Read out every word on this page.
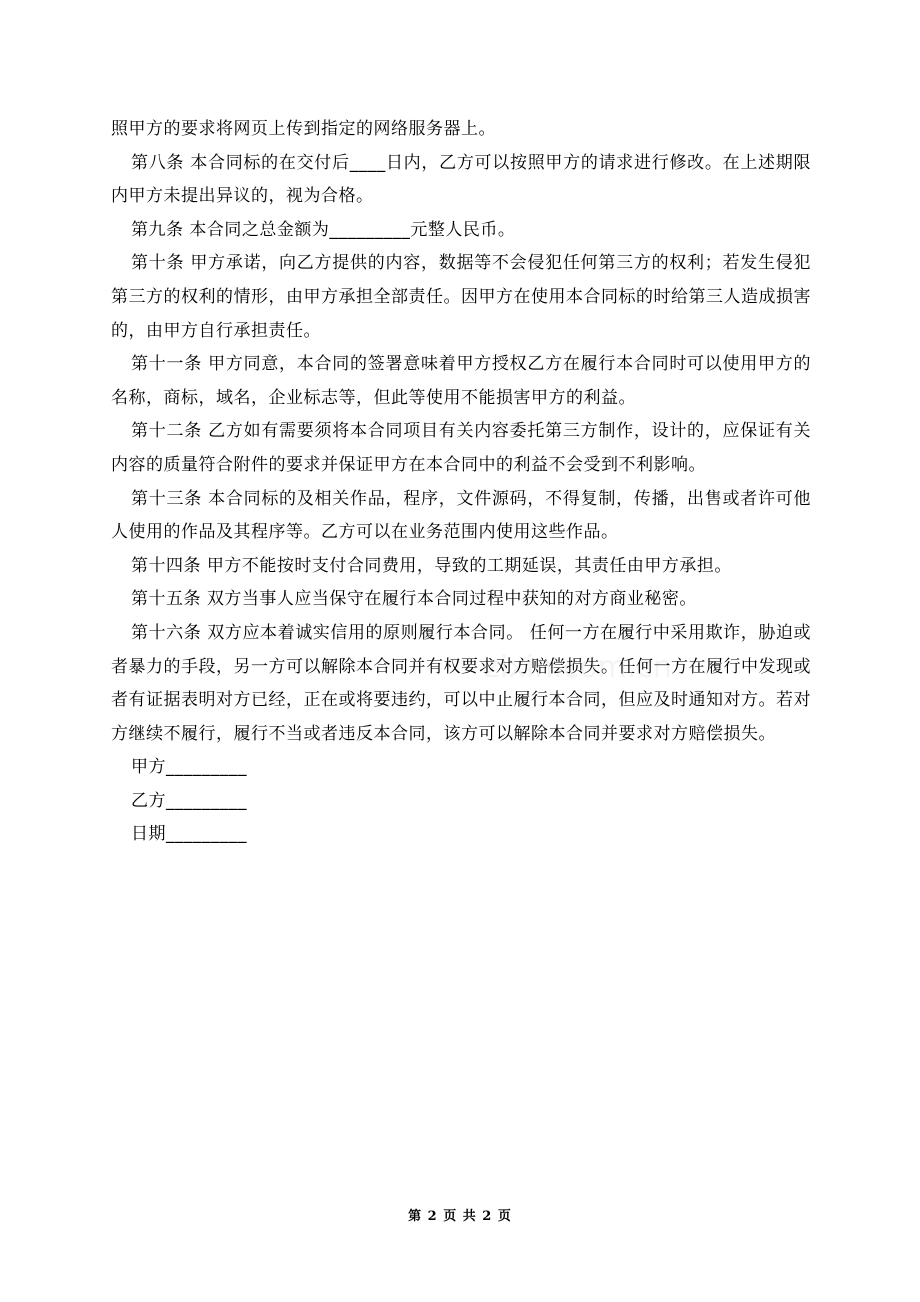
照甲方的要求将网页上传到指定的网络服务器上。

第八条 本合同标的在交付后____日内，乙方可以按照甲方的请求进行修改。在上述期限内甲方未提出异议的，视为合格。

第九条 本合同之总金额为_________元整人民币。

第十条 甲方承诺，向乙方提供的内容，数据等不会侵犯任何第三方的权利；若发生侵犯第三方的权利的情形，由甲方承担全部责任。因甲方在使用本合同标的时给第三人造成损害的，由甲方自行承担责任。

第十一条 甲方同意，本合同的签署意味着甲方授权乙方在履行本合同时可以使用甲方的名称，商标，域名，企业标志等，但此等使用不能损害甲方的利益。

第十二条 乙方如有需要须将本合同项目有关内容委托第三方制作，设计的，应保证有关内容的质量符合附件的要求并保证甲方在本合同中的利益不会受到不利影响。

第十三条 本合同标的及相关作品，程序，文件源码，不得复制，传播，出售或者许可他人使用的作品及其程序等。乙方可以在业务范围内使用这些作品。

第十四条 甲方不能按时支付合同费用，导致的工期延误，其责任由甲方承担。

第十五条 双方当事人应当保守在履行本合同过程中获知的对方商业秘密。

第十六条 双方应本着诚实信用的原则履行本合同。 任何一方在履行中采用欺诈，胁迫或者暴力的手段，另一方可以解除本合同并有权要求对方赔偿损失。任何一方在履行中发现或者有证据表明对方已经，正在或将要违约，可以中止履行本合同，但应及时通知对方。若对方继续不履行，履行不当或者违反本合同，该方可以解除本合同并要求对方赔偿损失。

甲方_________

乙方_________

日期_________

第 2 页 共 2 页
